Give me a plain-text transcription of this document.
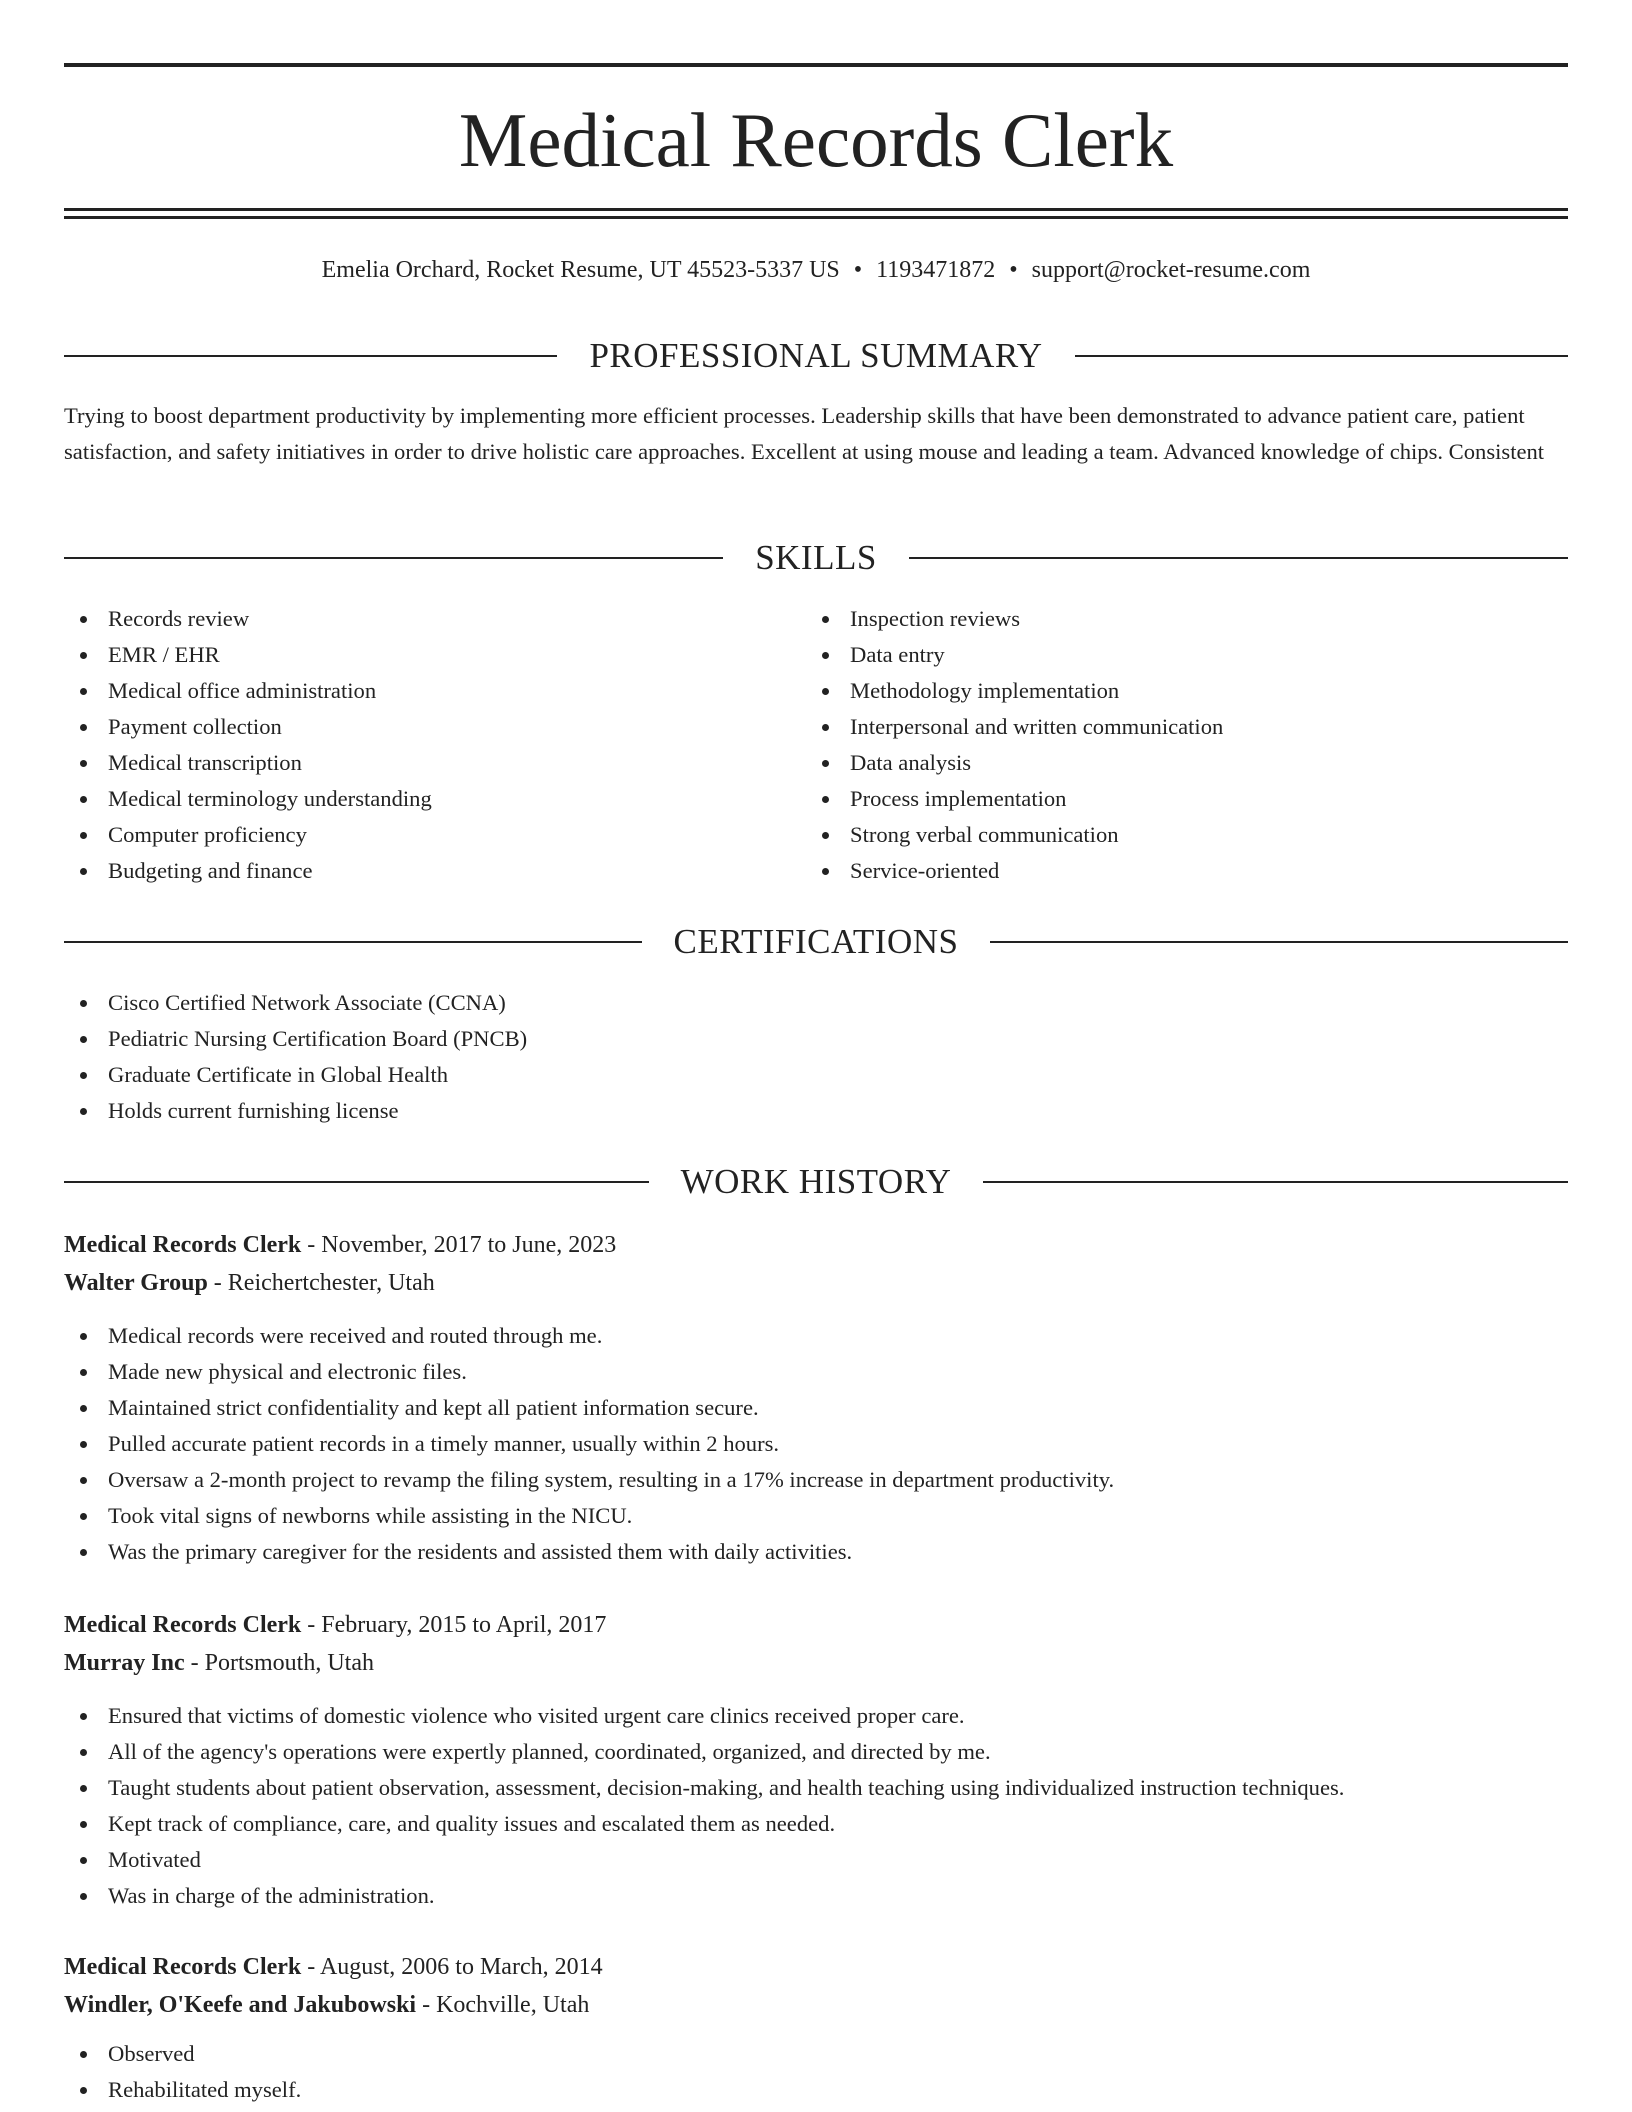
Medical Records Clerk
Emelia Orchard, Rocket Resume, UT 45523-5337 US • 1193471872 • support@rocket-resume.com
PROFESSIONAL SUMMARY

Trying to boost department productivity by implementing more efficient processes. Leadership skills that have been demonstrated to advance patient care, patient satisfaction, and safety initiatives in order to drive holistic care approaches. Excellent at using mouse and leading a team. Advanced knowledge of chips. Consistent

SKILLS
Records review
EMR / EHR
Medical office administration
Payment collection
Medical transcription
Medical terminology understanding
Computer proficiency
Budgeting and finance
Inspection reviews
Data entry
Methodology implementation
Interpersonal and written communication
Data analysis
Process implementation
Strong verbal communication
Service-oriented
CERTIFICATIONS
Cisco Certified Network Associate (CCNA)
Pediatric Nursing Certification Board (PNCB)
Graduate Certificate in Global Health
Holds current furnishing license
WORK HISTORY
Medical Records Clerk - November, 2017 to June, 2023
Walter Group - Reichertchester, Utah
Medical records were received and routed through me.
Made new physical and electronic files.
Maintained strict confidentiality and kept all patient information secure.
Pulled accurate patient records in a timely manner, usually within 2 hours.
Oversaw a 2-month project to revamp the filing system, resulting in a 17% increase in department productivity.
Took vital signs of newborns while assisting in the NICU.
Was the primary caregiver for the residents and assisted them with daily activities.
Medical Records Clerk - February, 2015 to April, 2017
Murray Inc - Portsmouth, Utah
Ensured that victims of domestic violence who visited urgent care clinics received proper care.
All of the agency's operations were expertly planned, coordinated, organized, and directed by me.
Taught students about patient observation, assessment, decision-making, and health teaching using individualized instruction techniques.
Kept track of compliance, care, and quality issues and escalated them as needed.
Motivated
Was in charge of the administration.
Medical Records Clerk - August, 2006 to March, 2014
Windler, O'Keefe and Jakubowski - Kochville, Utah
Observed
Rehabilitated myself.
